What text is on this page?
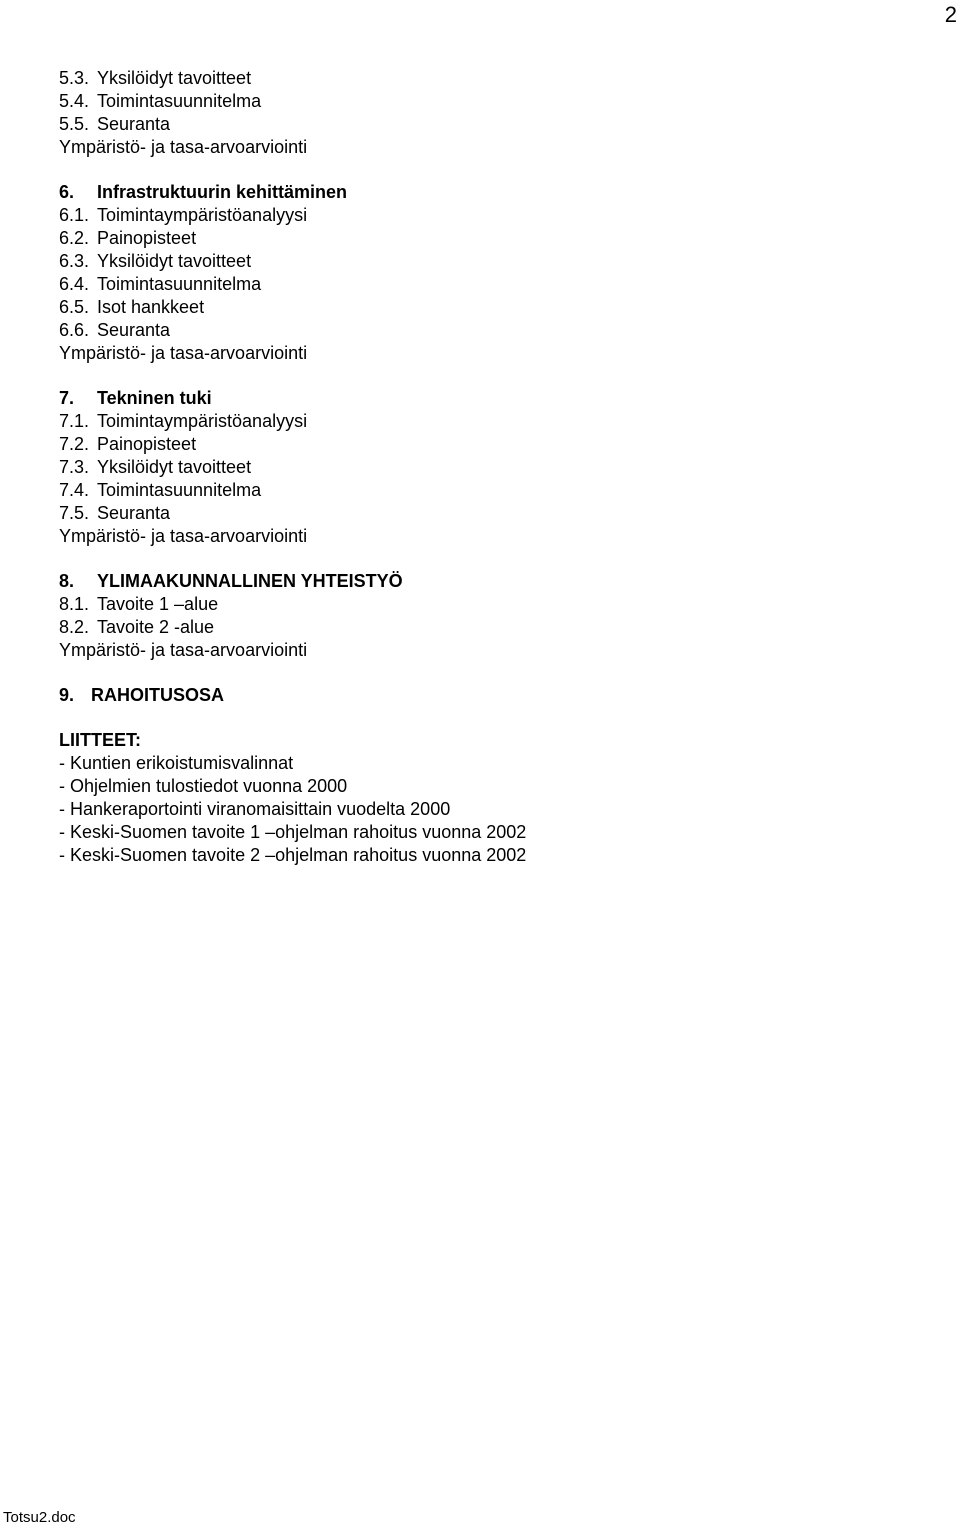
2
5.3. Yksilöidyt tavoitteet
5.4. Toimintasuunnitelma
5.5. Seuranta
Ympäristö- ja tasa-arvoarviointi
6. Infrastruktuurin kehittäminen
6.1. Toimintaympäristöanalyysi
6.2. Painopisteet
6.3. Yksilöidyt tavoitteet
6.4. Toimintasuunnitelma
6.5. Isot hankkeet
6.6. Seuranta
Ympäristö- ja tasa-arvoarviointi
7. Tekninen tuki
7.1. Toimintaympäristöanalyysi
7.2. Painopisteet
7.3. Yksilöidyt tavoitteet
7.4. Toimintasuunnitelma
7.5. Seuranta
Ympäristö- ja tasa-arvoarviointi
8. YLIMAAKUNNALLINEN YHTEISTYÖ
8.1. Tavoite 1 –alue
8.2. Tavoite 2 -alue
Ympäristö- ja tasa-arvoarviointi
9. RAHOITUSOSA
LIITTEET:
- Kuntien erikoistumisvalinnat
- Ohjelmien tulostiedot vuonna 2000
- Hankeraportointi viranomaisittain vuodelta 2000
- Keski-Suomen tavoite 1 –ohjelman rahoitus vuonna 2002
- Keski-Suomen tavoite 2 –ohjelman rahoitus vuonna 2002
Totsu2.doc
